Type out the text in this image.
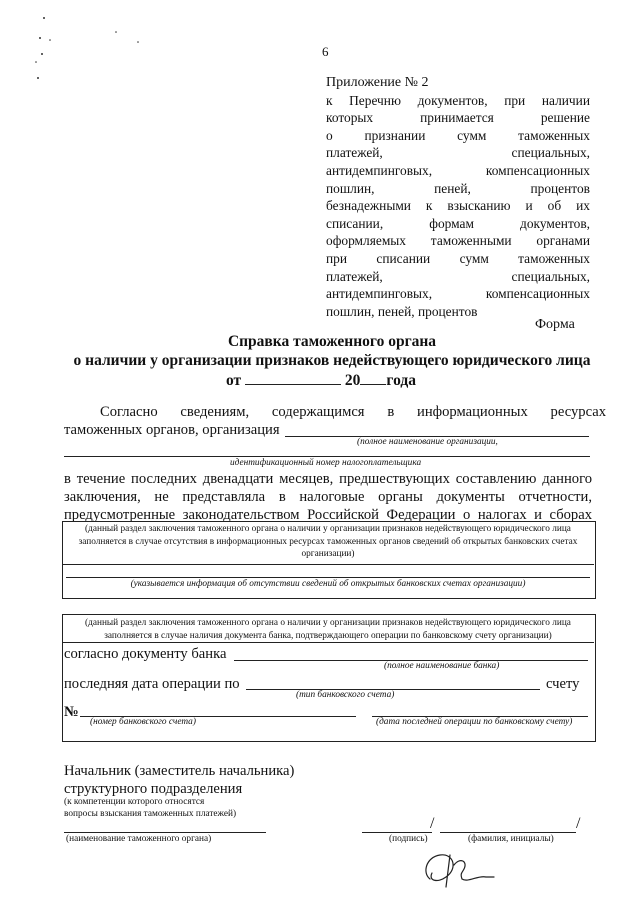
6
Приложение № 2
к Перечню документов, при наличии
которых принимается решение
о признании сумм таможенных
платежей, специальных,
антидемпинговых, компенсационных
пошлин, пеней, процентов
безнадежными к взысканию и об их
списании, формам документов,
оформляемых таможенными органами
при списании сумм таможенных
платежей, специальных,
антидемпинговых, компенсационных
пошлин, пеней, процентов
Форма
Справка таможенного органа
о наличии у организации признаков недействующего юридического лица
от	20 года
Согласно сведениям, содержащимся в информационных ресурсах
таможенных органов, организация
(полное наименование организации,
идентификационный номер налогоплательщика
в течение последних двенадцати месяцев, предшествующих составлению данного
заключения, не представляла в налоговые органы документы отчетности,
предусмотренные законодательством Российской Федерации о налогах и сборах
(данный раздел заключения таможенного органа о наличии у организации признаков недействующего юридического лица
заполняется в случае отсутствия в информационных ресурсах таможенных органов сведений об открытых банковских счетах
организации)
(указывается информация об отсутствии сведений об открытых банковских счетах организации)
(данный раздел заключения таможенного органа о наличии у организации признаков недействующего юридического лица
заполняется в случае наличия документа банка, подтверждающего операции по банковскому счету организации)
согласно документу банка
(полное наименование банка)
последняя дата операции по	счету
(тип банковского счета)
№
(номер банковского счета)	(дата последней операции по банковскому счету)
Начальник (заместитель начальника)
структурного подразделения
(к компетенции которого относятся
вопросы взыскания таможенных платежей)
(наименование таможенного органа)
/	/
(подпись)	(фамилия, инициалы)
